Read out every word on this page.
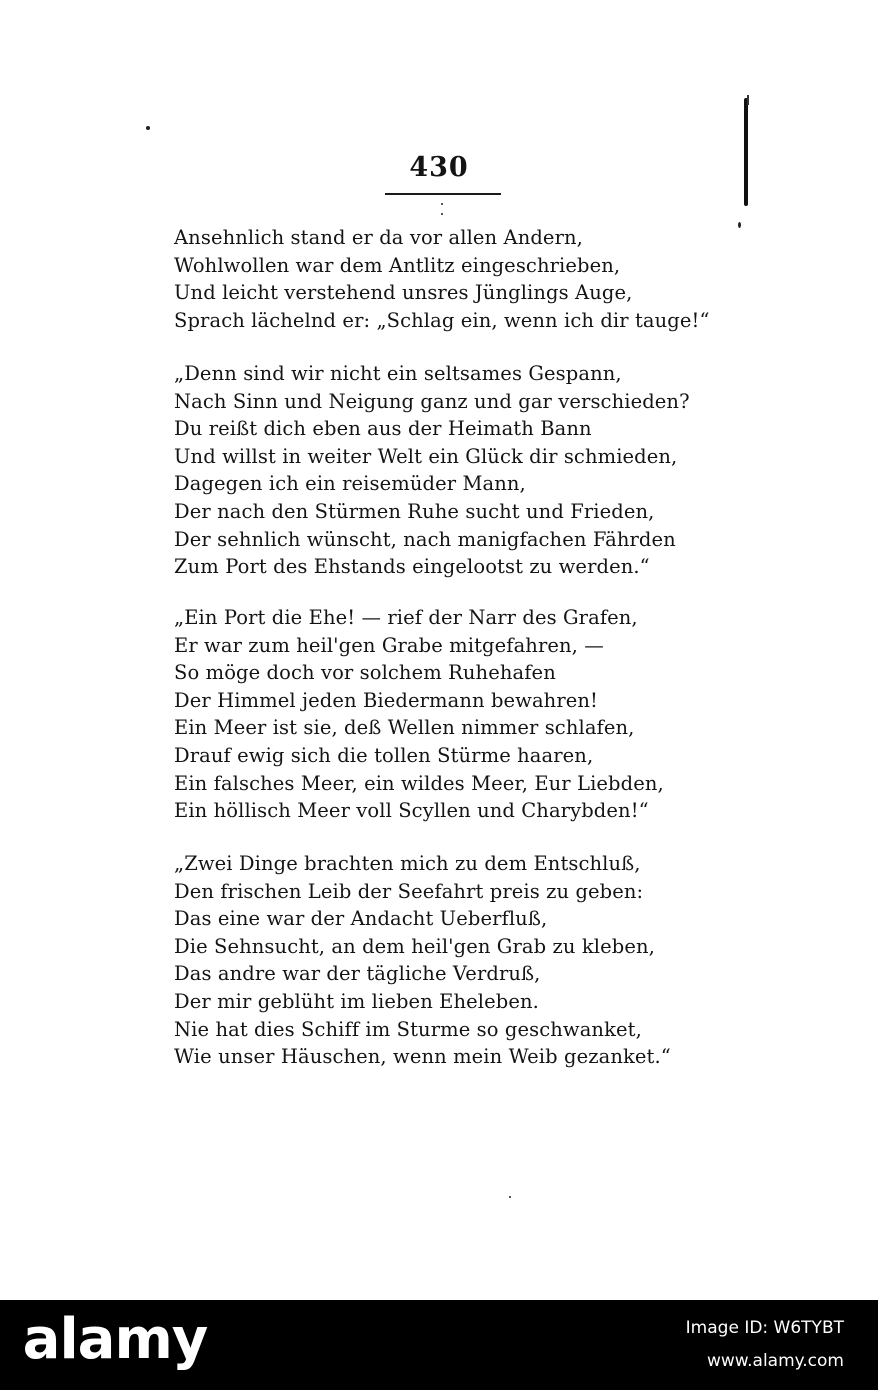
430
Ansehnlich stand er da vor allen Andern,
Wohlwollen war dem Antlitz eingeschrieben,
Und leicht verstehend unsres Jünglings Auge,
Sprach lächelnd er: „Schlag ein, wenn ich dir tauge!“
„Denn sind wir nicht ein seltsames Gespann,
Nach Sinn und Neigung ganz und gar verschieden?
Du reißt dich eben aus der Heimath Bann
Und willst in weiter Welt ein Glück dir schmieden,
Dagegen ich ein reisemüder Mann,
Der nach den Stürmen Ruhe sucht und Frieden,
Der sehnlich wünscht, nach manigfachen Fährden
Zum Port des Ehstands eingelootst zu werden.“
„Ein Port die Ehe! — rief der Narr des Grafen,
Er war zum heil'gen Grabe mitgefahren, —
So möge doch vor solchem Ruhehafen
Der Himmel jeden Biedermann bewahren!
Ein Meer ist sie, deß Wellen nimmer schlafen,
Drauf ewig sich die tollen Stürme haaren,
Ein falsches Meer, ein wildes Meer, Eur Liebden,
Ein höllisch Meer voll Scyllen und Charybden!“
„Zwei Dinge brachten mich zu dem Entschluß,
Den frischen Leib der Seefahrt preis zu geben:
Das eine war der Andacht Ueberfluß,
Die Sehnsucht, an dem heil'gen Grab zu kleben,
Das andre war der tägliche Verdruß,
Der mir geblüht im lieben Eheleben.
Nie hat dies Schiff im Sturme so geschwanket,
Wie unser Häuschen, wenn mein Weib gezanket.“
alamy	Image ID: W6TYBT
www.alamy.com
